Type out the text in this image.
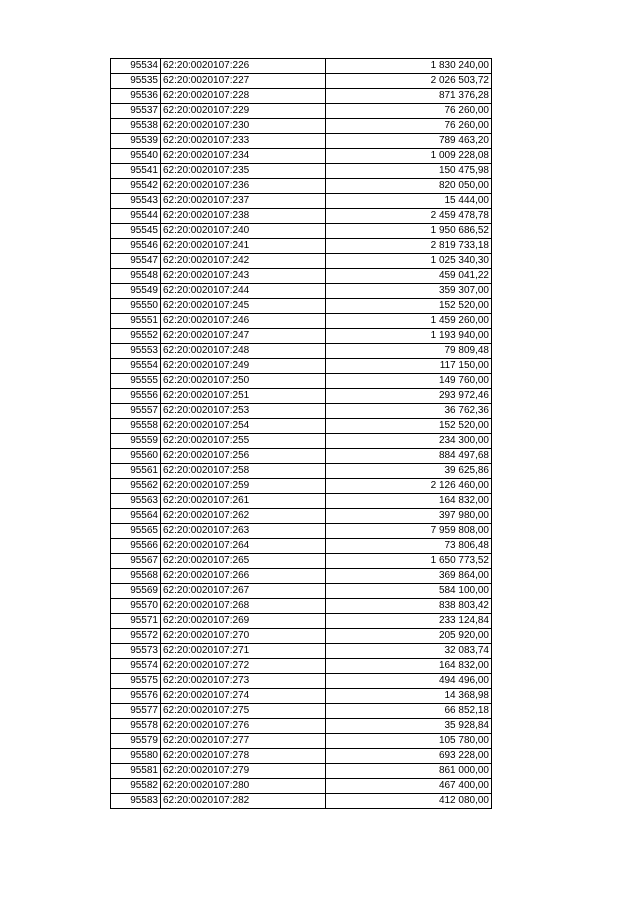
95534	62:20:0020107:226	1 830 240,00
95535	62:20:0020107:227	2 026 503,72
95536	62:20:0020107:228	871 376,28
95537	62:20:0020107:229	76 260,00
95538	62:20:0020107:230	76 260,00
95539	62:20:0020107:233	789 463,20
95540	62:20:0020107:234	1 009 228,08
95541	62:20:0020107:235	150 475,98
95542	62:20:0020107:236	820 050,00
95543	62:20:0020107:237	15 444,00
95544	62:20:0020107:238	2 459 478,78
95545	62:20:0020107:240	1 950 686,52
95546	62:20:0020107:241	2 819 733,18
95547	62:20:0020107:242	1 025 340,30
95548	62:20:0020107:243	459 041,22
95549	62:20:0020107:244	359 307,00
95550	62:20:0020107:245	152 520,00
95551	62:20:0020107:246	1 459 260,00
95552	62:20:0020107:247	1 193 940,00
95553	62:20:0020107:248	79 809,48
95554	62:20:0020107:249	117 150,00
95555	62:20:0020107:250	149 760,00
95556	62:20:0020107:251	293 972,46
95557	62:20:0020107:253	36 762,36
95558	62:20:0020107:254	152 520,00
95559	62:20:0020107:255	234 300,00
95560	62:20:0020107:256	884 497,68
95561	62:20:0020107:258	39 625,86
95562	62:20:0020107:259	2 126 460,00
95563	62:20:0020107:261	164 832,00
95564	62:20:0020107:262	397 980,00
95565	62:20:0020107:263	7 959 808,00
95566	62:20:0020107:264	73 806,48
95567	62:20:0020107:265	1 650 773,52
95568	62:20:0020107:266	369 864,00
95569	62:20:0020107:267	584 100,00
95570	62:20:0020107:268	838 803,42
95571	62:20:0020107:269	233 124,84
95572	62:20:0020107:270	205 920,00
95573	62:20:0020107:271	32 083,74
95574	62:20:0020107:272	164 832,00
95575	62:20:0020107:273	494 496,00
95576	62:20:0020107:274	14 368,98
95577	62:20:0020107:275	66 852,18
95578	62:20:0020107:276	35 928,84
95579	62:20:0020107:277	105 780,00
95580	62:20:0020107:278	693 228,00
95581	62:20:0020107:279	861 000,00
95582	62:20:0020107:280	467 400,00
95583	62:20:0020107:282	412 080,00
